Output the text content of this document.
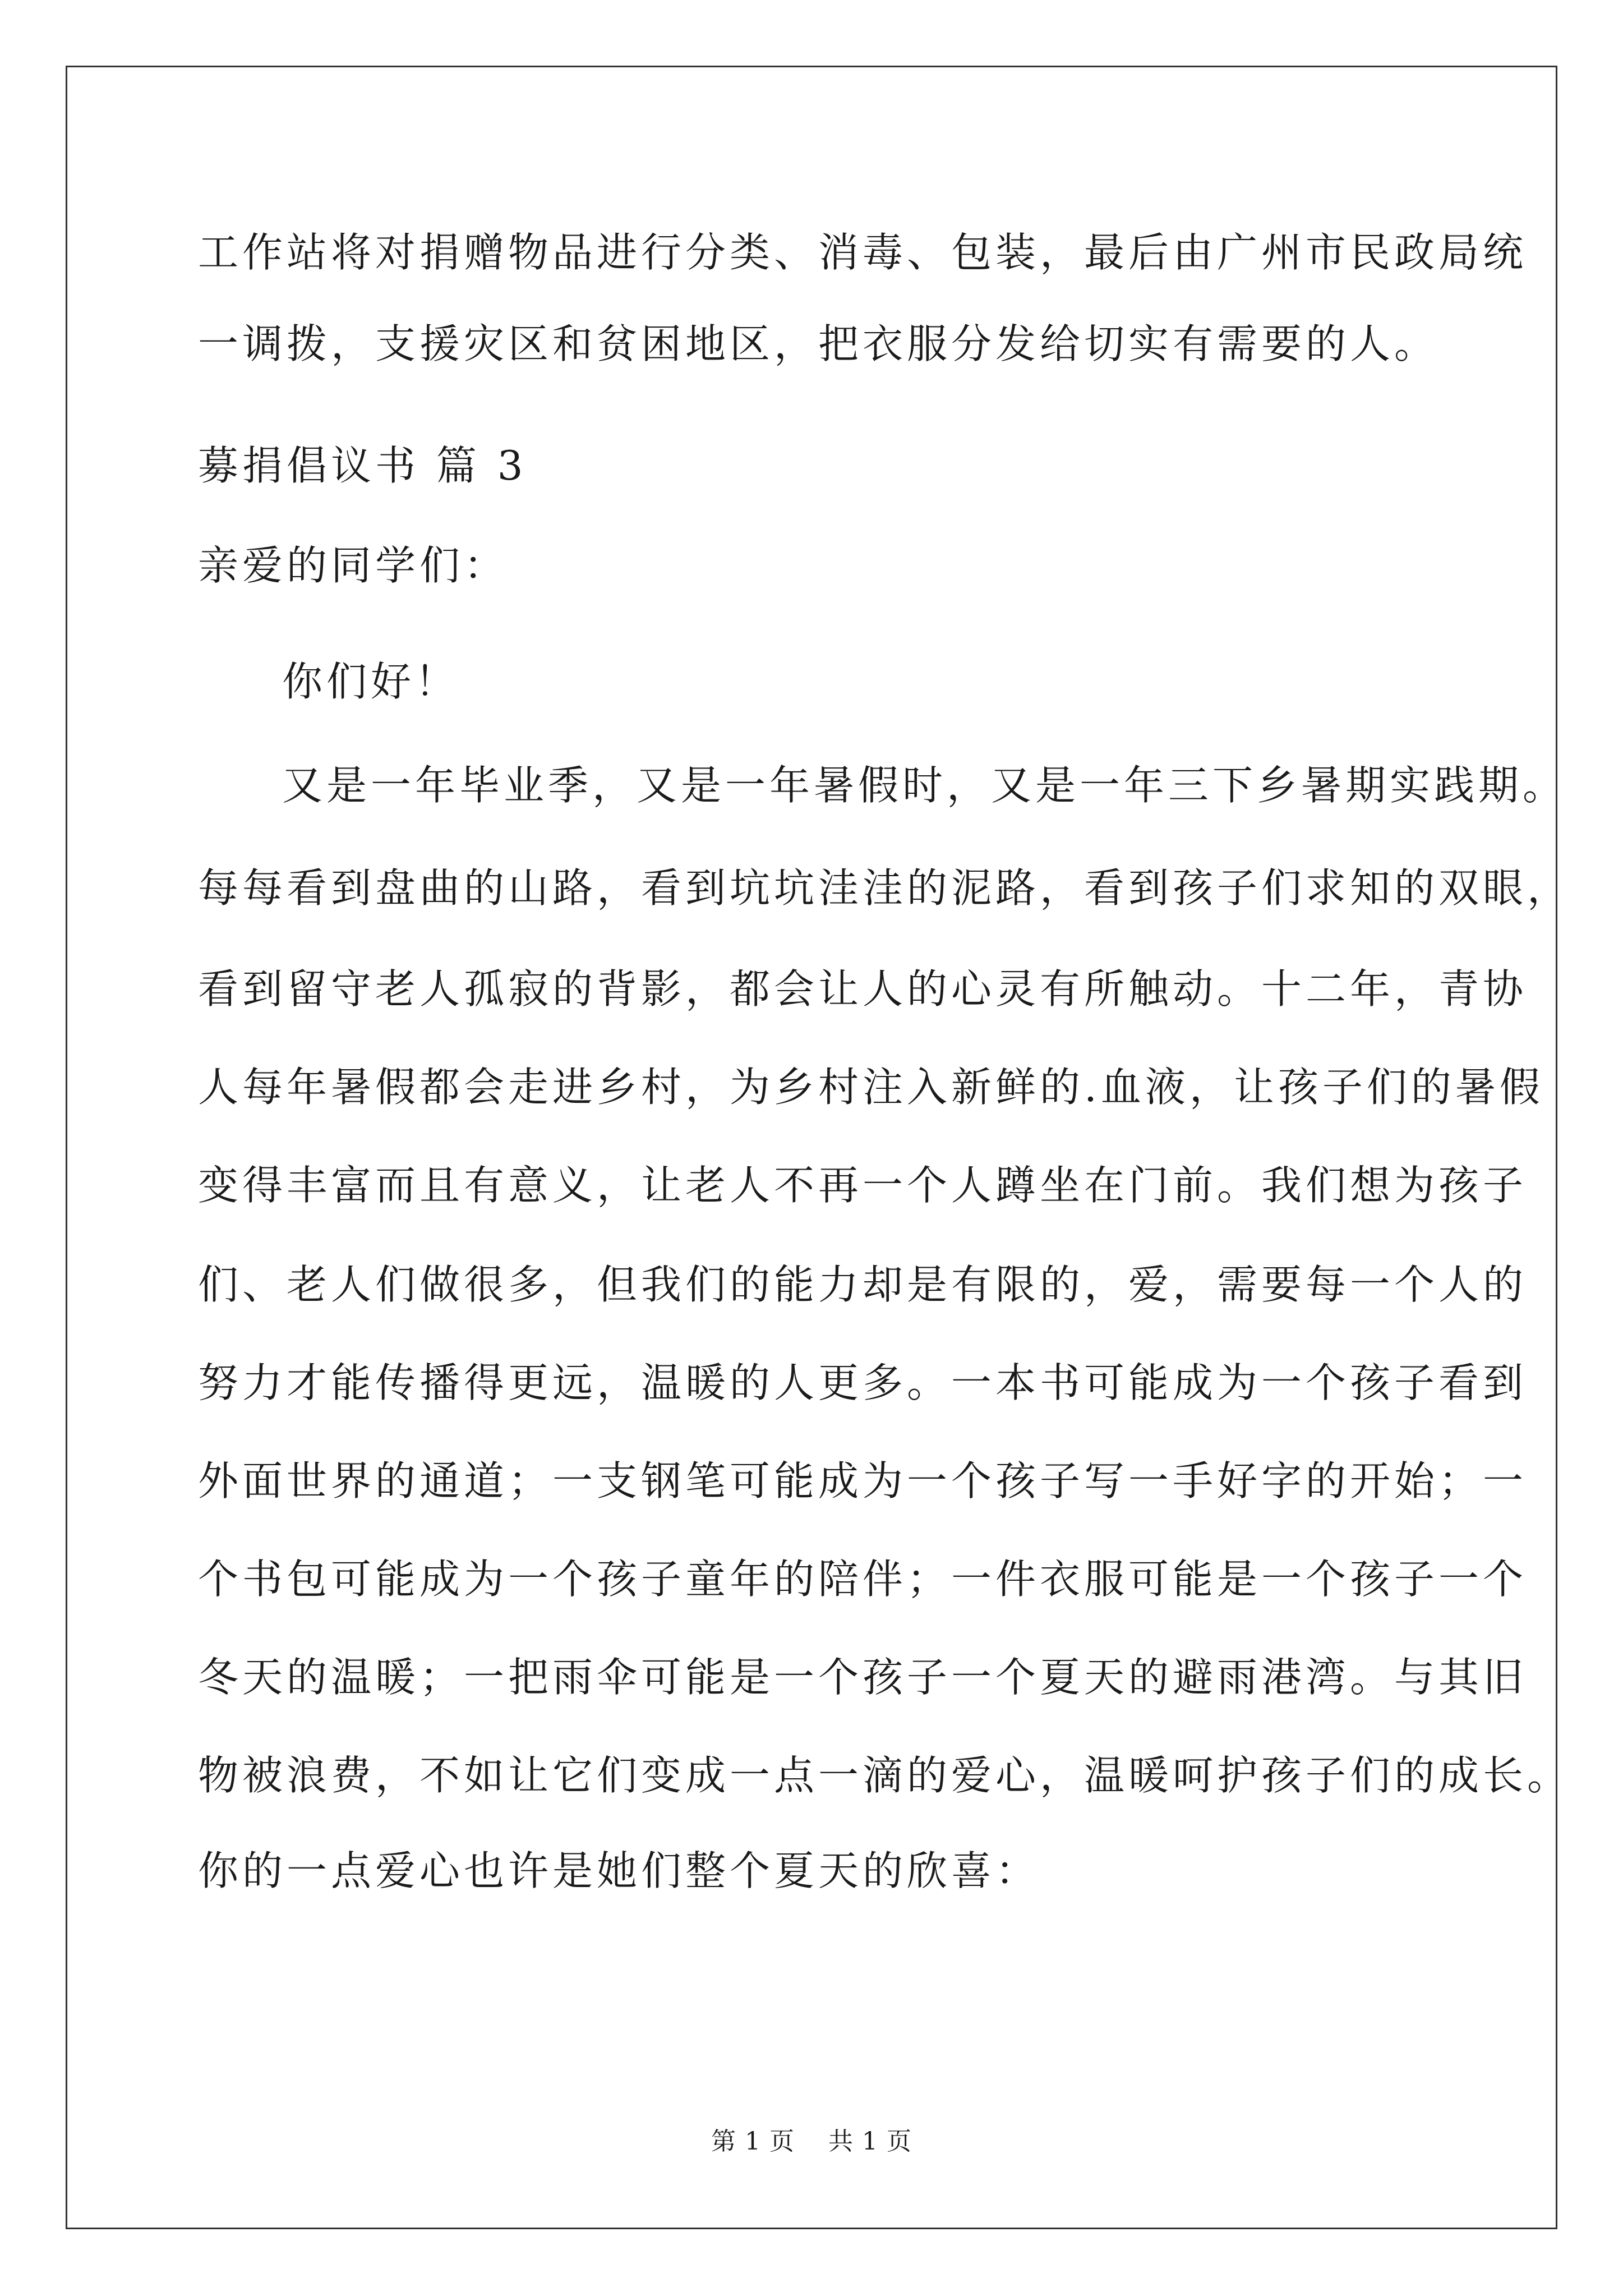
工作站将对捐赠物品进行分类、消毒、包装，最后由广州市民政局统
一调拨，支援灾区和贫困地区，把衣服分发给切实有需要的人。
募捐倡议书 篇 3
亲爱的同学们：
你们好！
又是一年毕业季，又是一年暑假时，又是一年三下乡暑期实践期。
每每看到盘曲的山路，看到坑坑洼洼的泥路，看到孩子们求知的双眼，
看到留守老人孤寂的背影，都会让人的心灵有所触动。十二年，青协
人每年暑假都会走进乡村，为乡村注入新鲜的.血液，让孩子们的暑假
变得丰富而且有意义，让老人不再一个人蹲坐在门前。我们想为孩子
们、老人们做很多，但我们的能力却是有限的，爱，需要每一个人的
努力才能传播得更远，温暖的人更多。一本书可能成为一个孩子看到
外面世界的通道；一支钢笔可能成为一个孩子写一手好字的开始；一
个书包可能成为一个孩子童年的陪伴；一件衣服可能是一个孩子一个
冬天的温暖；一把雨伞可能是一个孩子一个夏天的避雨港湾。与其旧
物被浪费，不如让它们变成一点一滴的爱心，温暖呵护孩子们的成长。
你的一点爱心也许是她们整个夏天的欣喜：
第 1 页 共 1 页
